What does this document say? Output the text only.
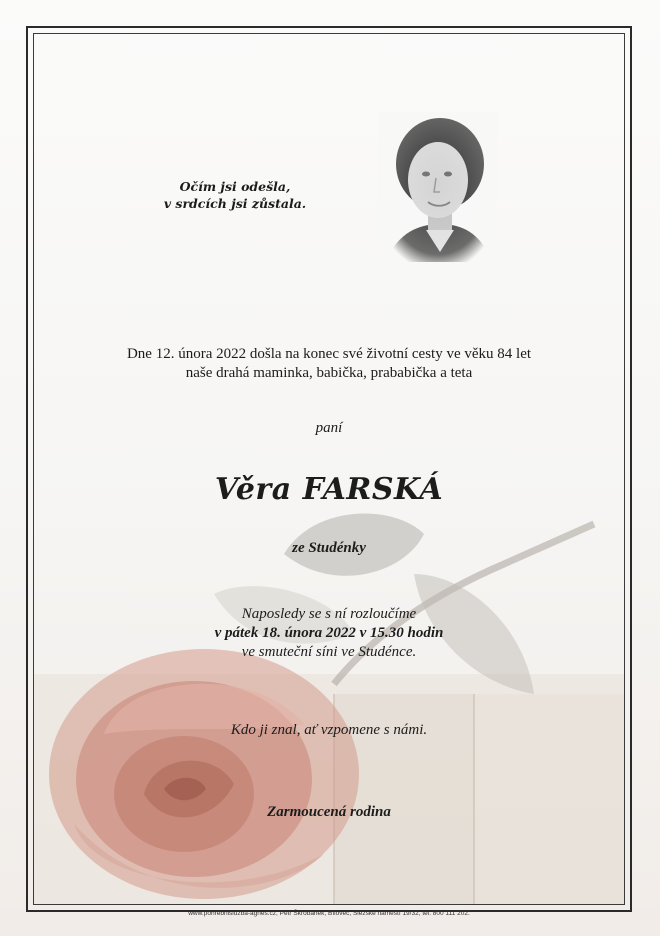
Očím jsi odešla,
v srdcích jsi zůstala.
Dne 12. února 2022 došla na konec své životní cesty ve věku 84 let
naše drahá maminka, babička, prababička a teta
paní
Věra FARSKÁ
ze Studénky
Naposledy se s ní rozloučíme
v pátek 18. února 2022 v 15.30 hodin
ve smuteční síni ve Studénce.
Kdo ji znal, ať vzpomene s námi.
Zarmoucená rodina
www.pohrebnisluzba-agnes.cz, Petr Škrobánek, Bílovec, Slezské náměstí 19/32, tel. 800 111 202.
